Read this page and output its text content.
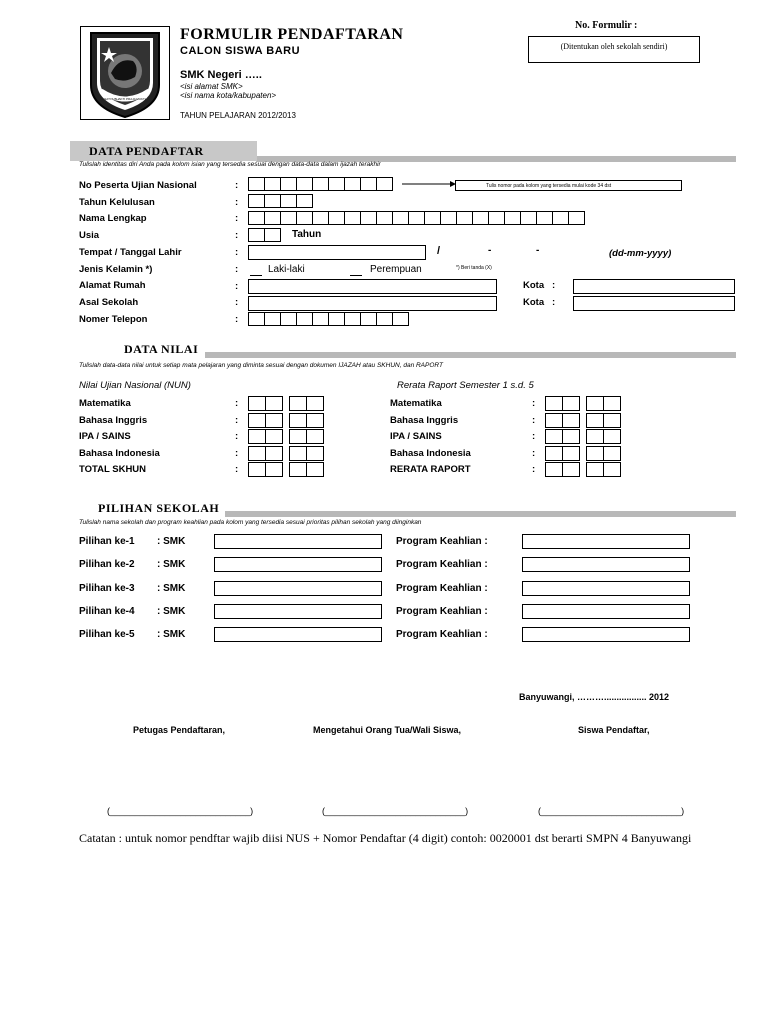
SATYA BHAKTI PRAJA MUKTI
FORMULIR PENDAFTARAN
CALON SISWA BARU
SMK Negeri …..
<isi alamat SMK>
<isi nama kota/kabupaten>
TAHUN PELAJARAN 2012/2013
No. Formulir :
(Ditentukan oleh sekolah sendiri)
DATA PENDAFTAR
Tulislah identitas diri Anda pada kolom isian yang tersedia sesuai dengan data-data dalam ijazah terakhir
No Peserta Ujian Nasional	:	Tulis nomor pada kolom yang tersedia mulai kode 34 dst
Tahun Kelulusan	:
Nama Lengkap	:
Usia	:	Tahun
Tempat / Tanggal Lahir	:	/	-	-	(dd-mm-yyyy)
Jenis Kelamin *)	:	Laki-laki	Perempuan	*) Beri tanda (X)
Alamat Rumah	:	Kota :
Asal Sekolah	:	Kota :
Nomer Telepon	:
DATA NILAI
Tulislah data-data nilai untuk setiap mata pelajaran yang diminta sesuai dengan dokumen IJAZAH atau SKHUN, dan RAPORT
Nilai Ujian Nasional (NUN)	Rerata Raport Semester 1 s.d. 5
Matematika	:
Bahasa Inggris	:
IPA / SAINS	:
Bahasa Indonesia	:
TOTAL SKHUN	:
Matematika	:
Bahasa Inggris	:
IPA / SAINS	:
Bahasa Indonesia	:
RERATA RAPORT	:
PILIHAN SEKOLAH
Tulislah nama sekolah dan program keahlian pada kolom yang tersedia sesuai prioritas pilihan sekolah yang diinginkan
Pilihan ke-1 : SMK	Program Keahlian :
Pilihan ke-2 : SMK	Program Keahlian :
Pilihan ke-3 : SMK	Program Keahlian :
Pilihan ke-4 : SMK	Program Keahlian :
Pilihan ke-5 : SMK	Program Keahlian :
Banyuwangi, ………................. 2012
Petugas Pendaftaran,	Mengetahui Orang Tua/Wali Siswa,	Siswa Pendaftar,
(____________________________)	(____________________________)	(____________________________)
Catatan : untuk nomor pendftar wajib diisi NUS + Nomor Pendaftar (4 digit) contoh: 0020001 dst berarti SMPN 4 Banyuwangi
